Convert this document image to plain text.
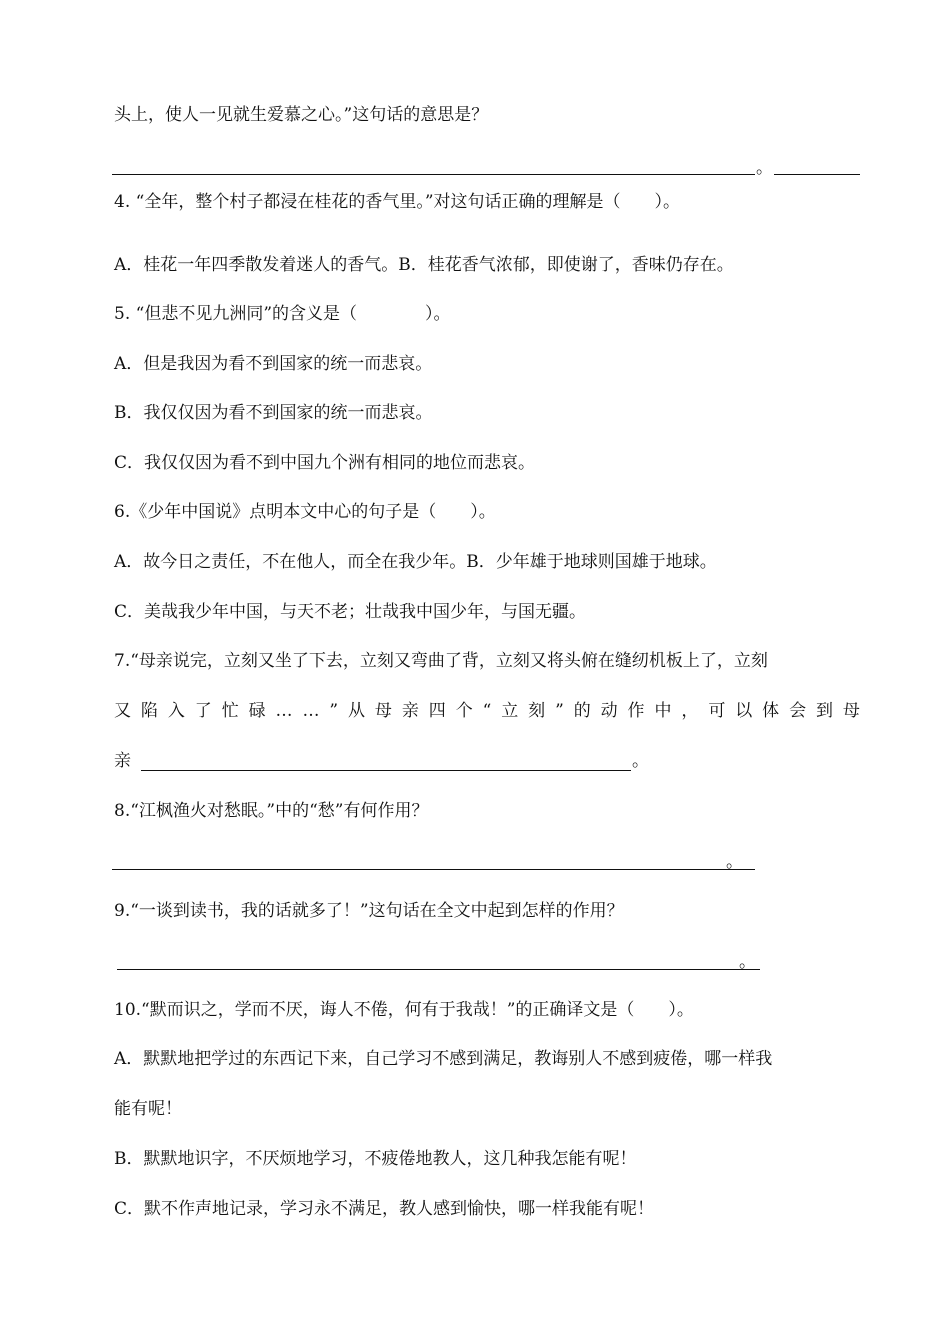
头上，使人一见就生爱慕之心。”这句话的意思是？
。
4. “全年，整个村子都浸在桂花的香气里。”对这句话正确的理解是（　　）。
A．桂花一年四季散发着迷人的香气。B．桂花香气浓郁，即使谢了，香味仍存在。
5. “但悲不见九洲同”的含义是（　　　　）。
A．但是我因为看不到国家的统一而悲哀。
B．我仅仅因为看不到国家的统一而悲哀。
C．我仅仅因为看不到中国九个洲有相同的地位而悲哀。
6.《少年中国说》点明本文中心的句子是（　　）。
A．故今日之责任，不在他人，而全在我少年。B．少年雄于地球则国雄于地球。
C．美哉我少年中国，与天不老；壮哉我中国少年，与国无疆。
7.“母亲说完，立刻又坐了下去，立刻又弯曲了背，立刻又将头俯在缝纫机板上了，立刻
又 陷 入 了 忙 碌 … … ” 从 母 亲 四 个 “ 立 刻 ” 的 动 作 中 ， 可 以 体 会 到 母
亲	。
8.“江枫渔火对愁眠。”中的“愁”有何作用？
。
9.“一谈到读书，我的话就多了！”这句话在全文中起到怎样的作用？
。
10.“默而识之，学而不厌，诲人不倦，何有于我哉！”的正确译文是（　　）。
A．默默地把学过的东西记下来，自己学习不感到满足，教诲别人不感到疲倦，哪一样我
能有呢！
B．默默地识字，不厌烦地学习，不疲倦地教人，这几种我怎能有呢！
C．默不作声地记录，学习永不满足，教人感到愉快，哪一样我能有呢！
